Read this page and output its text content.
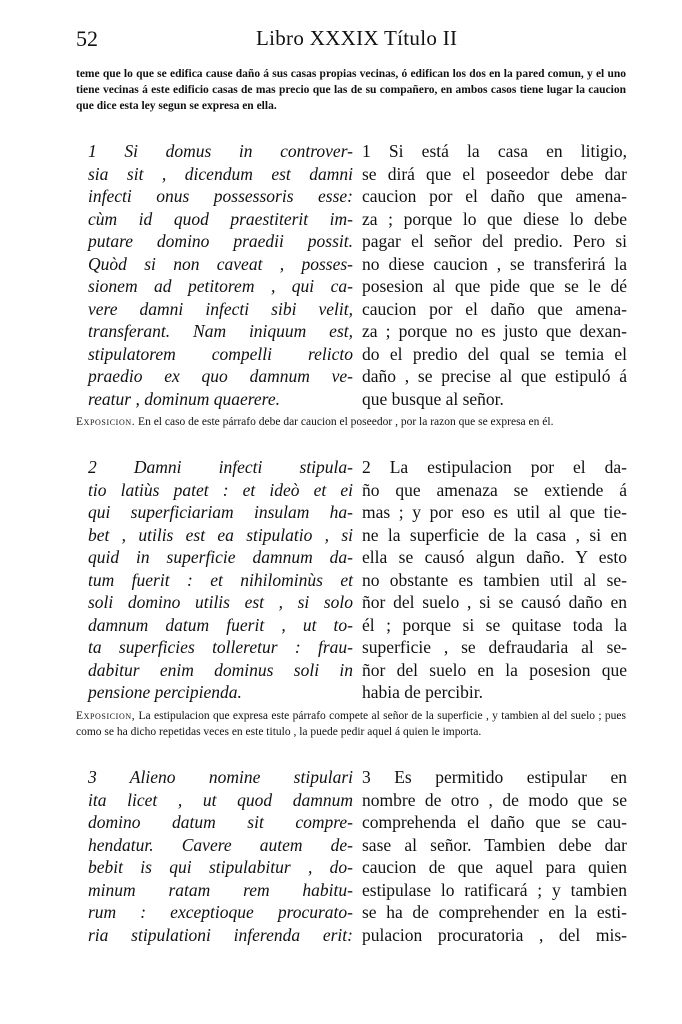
52	Libro XXXIX Título II

teme que lo que se edifica cause daño á sus casas propias vecinas, ó edifican los dos en la pared comun, y el uno tiene vecinas á este edificio casas de mas precio que las de su compañero, en ambos casos tiene lugar la caucion que dice esta ley segun se expresa en ella.

1 Si domus in controver-
sia sit , dicendum est damni
infecti onus possessoris esse:
cùm id quod praestiterit im-
putare domino praedii possit.
Quòd si non caveat , posses-
sionem ad petitorem , qui ca-
vere damni infecti sibi velit,
transferant. Nam iniquum est,
stipulatorem compelli relicto
praedio ex quo damnum ve-
reatur , dominum quaerere.
1 Si está la casa en litigio,
se dirá que el poseedor debe dar
caucion por el daño que amena-
za ; porque lo que diese lo debe
pagar el señor del predio. Pero si
no diese caucion , se transferirá la
posesion al que pide que se le dé
caucion por el daño que amena-
za ; porque no es justo que dexan-
do el predio del qual se temia el
daño , se precise al que estipuló á
que busque al señor.

Exposicion. En el caso de este párrafo debe dar caucion el poseedor , por la razon que se expresa en él.

2 Damni infecti stipula-
tio latiùs patet : et ideò et ei
qui superficiariam insulam ha-
bet , utilis est ea stipulatio , si
quid in superficie damnum da-
tum fuerit : et nihilominùs et
soli domino utilis est , si solo
damnum datum fuerit , ut to-
ta superficies tolleretur : frau-
dabitur enim dominus soli in
pensione percipienda.
2 La estipulacion por el da-
ño que amenaza se extiende á
mas ; y por eso es util al que tie-
ne la superficie de la casa , si en
ella se causó algun daño. Y esto
no obstante es tambien util al se-
ñor del suelo , si se causó daño en
él ; porque si se quitase toda la
superficie , se defraudaria al se-
ñor del suelo en la posesion que
habia de percibir.

Exposicion, La estipulacion que expresa este párrafo compete al señor de la superficie , y tambien al del suelo ; pues como se ha dicho repetidas veces en este titulo , la puede pedir aquel á quien le importa.

3 Alieno nomine stipulari
ita licet , ut quod damnum
domino datum sit compre-
hendatur. Cavere autem de-
bebit is qui stipulabitur , do-
minum ratam rem habitu-
rum : exceptioque procurato-
ria stipulationi inferenda erit:
3 Es permitido estipular en
nombre de otro , de modo que se
comprehenda el daño que se cau-
sase al señor. Tambien debe dar
caucion de que aquel para quien
estipulase lo ratificará ; y tambien
se ha de comprehender en la esti-
pulacion procuratoria , del mis-
